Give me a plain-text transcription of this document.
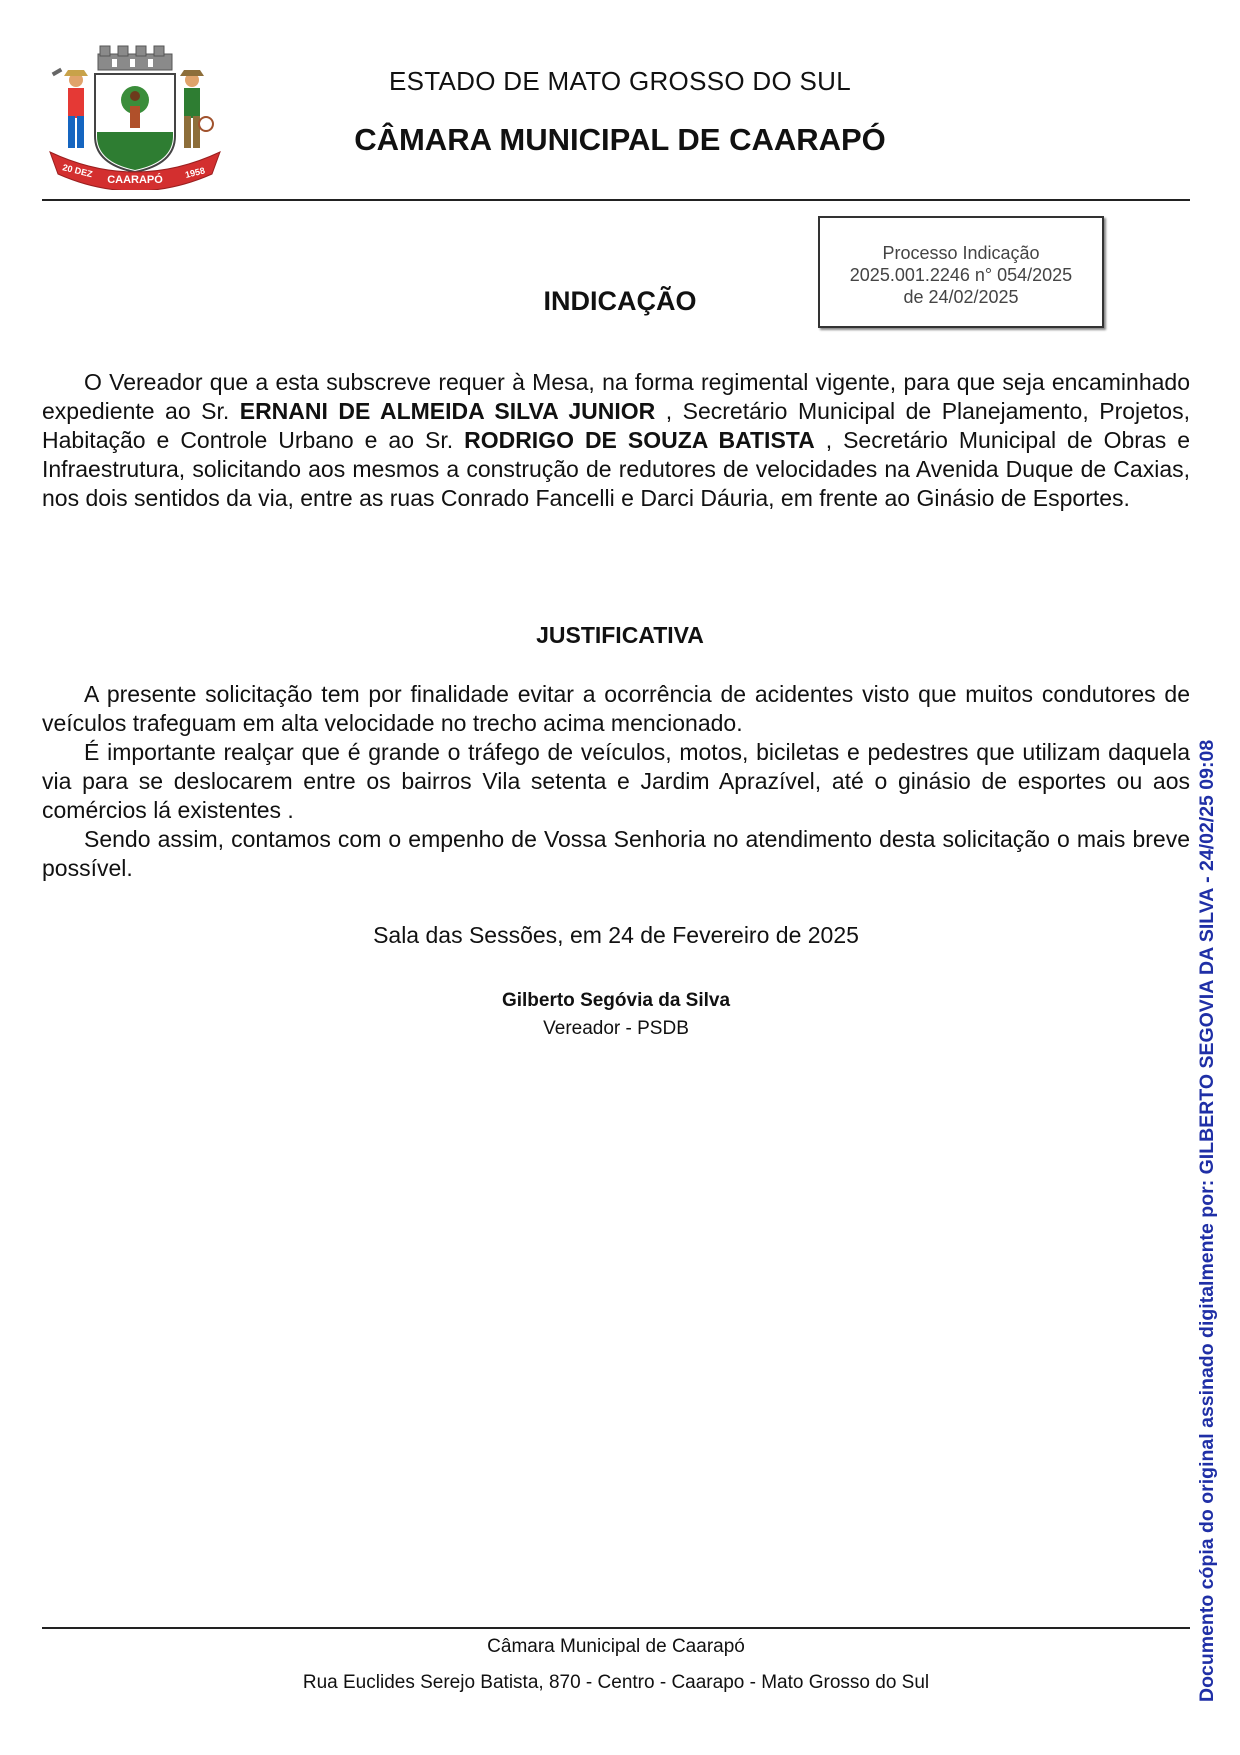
20 DEZ
CAARAPÓ
1958
ESTADO DE MATO GROSSO DO SUL
CÂMARA MUNICIPAL DE CAARAPÓ
Processo Indicação
2025.001.2246 n° 054/2025
de 24/02/2025
INDICAÇÃO

O Vereador que a esta subscreve requer à Mesa, na forma regimental vigente, para que seja encaminhado expediente ao Sr. ERNANI DE ALMEIDA SILVA JUNIOR , Secretário Municipal de Planejamento, Projetos, Habitação e Controle Urbano e ao Sr. RODRIGO DE SOUZA BATISTA , Secretário Municipal de Obras e Infraestrutura, solicitando aos mesmos a construção de redutores de velocidades na Avenida Duque de Caxias, nos dois sentidos da via, entre as ruas Conrado Fancelli e Darci Dáuria, em frente ao Ginásio de Esportes.

JUSTIFICATIVA

A presente solicitação tem por finalidade evitar a ocorrência de acidentes visto que muitos condutores de veículos trafeguam em alta velocidade no trecho acima mencionado.

É importante realçar que é grande o tráfego de veículos, motos, biciletas e pedestres que utilizam daquela via para se deslocarem entre os bairros Vila setenta e Jardim Aprazível, até o ginásio de esportes ou aos comércios lá existentes .

Sendo assim, contamos com o empenho de Vossa Senhoria no atendimento desta solicitação o mais breve possível.

Sala das Sessões, em 24 de Fevereiro de 2025
Gilberto Segóvia da Silva
Vereador - PSDB
Câmara Municipal de Caarapó
Rua Euclides Serejo Batista, 870 - Centro - Caarapo - Mato Grosso do Sul	Documento cópia do original assinado digitalmente por: GILBERTO SEGOVIA DA SILVA - 24/02/25 09:08
